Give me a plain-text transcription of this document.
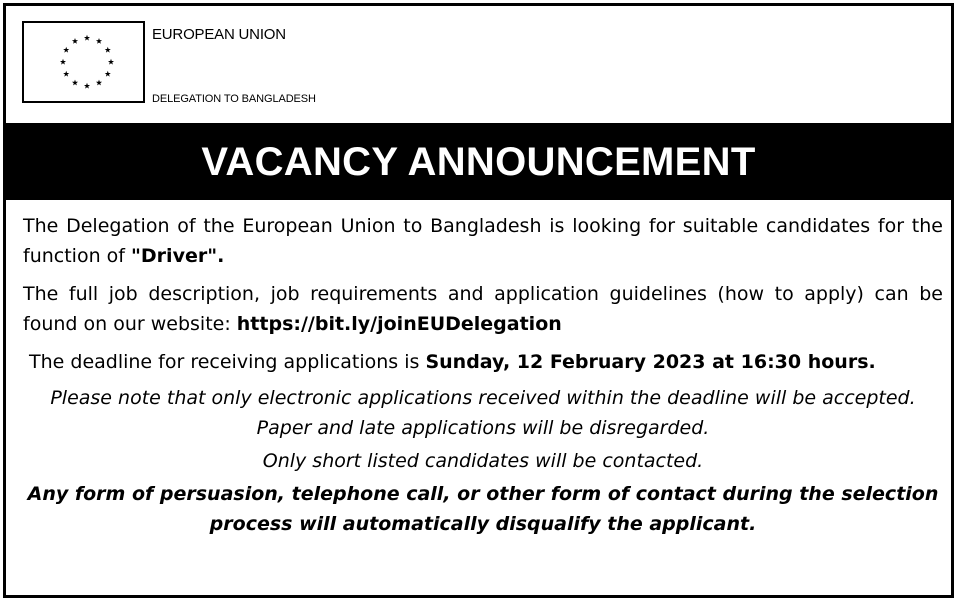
EUROPEAN UNION
DELEGATION TO BANGLADESH
VACANCY ANNOUNCEMENT

The Delegation of the European Union to Bangladesh is looking for suitable candidates for the function of "Driver".

The full job description, job requirements and application guidelines (how to apply) can be found on our website: https://bit.ly/joinEUDelegation

The deadline for receiving applications is Sunday, 12 February 2023 at 16:30 hours.

Please note that only electronic applications received within the deadline will be accepted. Paper and late applications will be disregarded.

Only short listed candidates will be contacted.

Any form of persuasion, telephone call, or other form of contact during the selection process will automatically disqualify the applicant.
